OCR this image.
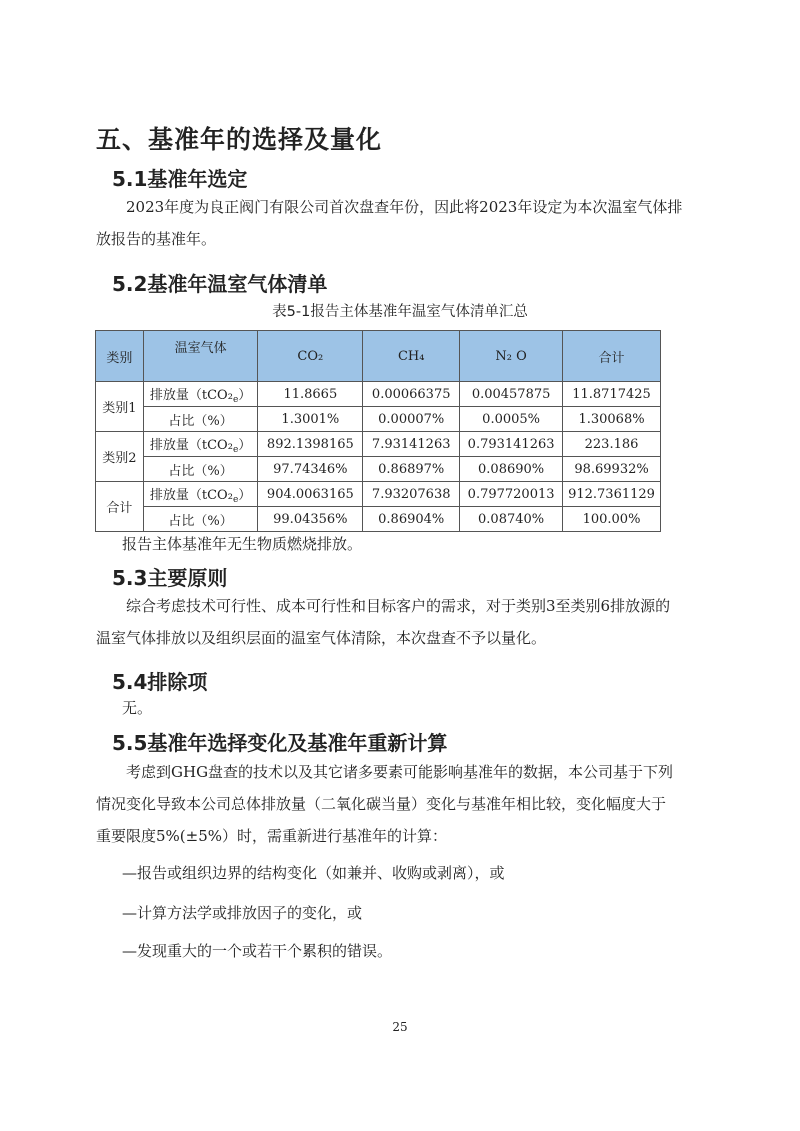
五、基准年的选择及量化
5.1基准年选定
2023年度为良正阀门有限公司首次盘查年份，因此将2023年设定为本次温室气体排
放报告的基准年。
5.2基准年温室气体清单
表5-1报告主体基准年温室气体清单汇总
类别	温室气体	CO₂	CH₄	N₂ O	合计
类别1	排放量$(tCO_2_e)$	11.8665	0.00066375	0.00457875	11.8717425
	占比（%）	1.3001%	0.00007%	0.0005%	1.30068%
类别2	排放量$(tCO_2_e)$	892.1398165	7.93141263	0.793141263	223.186
	占比（%）	97.74346%	0.86897%	0.08690%	98.69932%
合计	排放量$(tCO_2_e)$	904.0063165	7.93207638	0.797720013	912.7361129
	占比（%）	99.04356%	0.86904%	0.08740%	100.00%
报告主体基准年无生物质燃烧排放。
5.3主要原则
综合考虑技术可行性、成本可行性和目标客户的需求，对于类别3至类别6排放源的
温室气体排放以及组织层面的温室气体清除，本次盘查不予以量化。
5.4排除项
无。
5.5基准年选择变化及基准年重新计算
考虑到GHG盘查的技术以及其它诸多要素可能影响基准年的数据，本公司基于下列
情况变化导致本公司总体排放量（二氧化碳当量）变化与基准年相比较，变化幅度大于
重要限度5%(±5%）时，需重新进行基准年的计算：
—报告或组织边界的结构变化（如兼并、收购或剥离），或
—计算方法学或排放因子的变化，或
—发现重大的一个或若干个累积的错误。
25
